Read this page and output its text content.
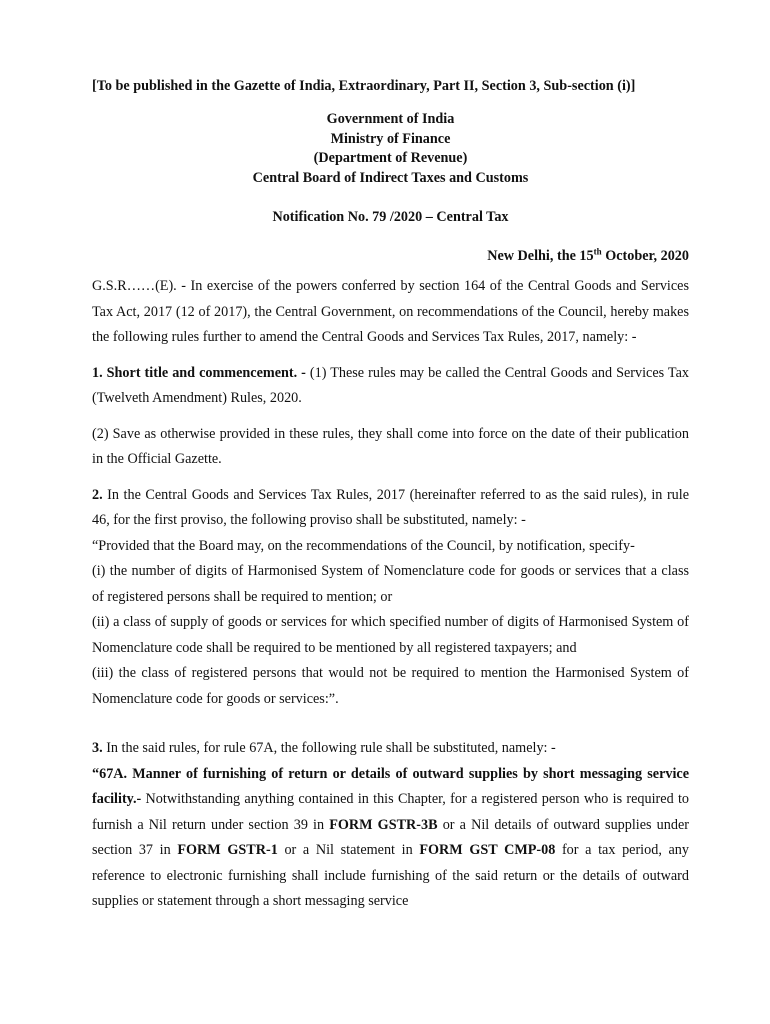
[To be published in the Gazette of India, Extraordinary, Part II, Section 3, Sub-section (i)]

Government of India
Ministry of Finance
(Department of Revenue)
Central Board of Indirect Taxes and Customs
Notification No. 79 /2020 – Central Tax
New Delhi, the 15th October, 2020

G.S.R……(E). - In exercise of the powers conferred by section 164 of the Central Goods and Services Tax Act, 2017 (12 of 2017), the Central Government, on recommendations of the Council, hereby makes the following rules further to amend the Central Goods and Services Tax Rules, 2017, namely: -

1. Short title and commencement. - (1) These rules may be called the Central Goods and Services Tax (Twelveth Amendment) Rules, 2020.

(2) Save as otherwise provided in these rules, they shall come into force on the date of their publication in the Official Gazette.

2. In the Central Goods and Services Tax Rules, 2017 (hereinafter referred to as the said rules), in rule 46, for the first proviso, the following proviso shall be substituted, namely: -

“Provided that the Board may, on the recommendations of the Council, by notification, specify-

(i) the number of digits of Harmonised System of Nomenclature code for goods or services that a class of registered persons shall be required to mention; or

(ii) a class of supply of goods or services for which specified number of digits of Harmonised System of Nomenclature code shall be required to be mentioned by all registered taxpayers; and

(iii) the class of registered persons that would not be required to mention the Harmonised System of Nomenclature code for goods or services:”.

3. In the said rules, for rule 67A, the following rule shall be substituted, namely: -

“67A. Manner of furnishing of return or details of outward supplies by short messaging service facility.- Notwithstanding anything contained in this Chapter, for a registered person who is required to furnish a Nil return under section 39 in FORM GSTR-3B or a Nil details of outward supplies under section 37 in FORM GSTR-1 or a Nil statement in FORM GST CMP-08 for a tax period, any reference to electronic furnishing shall include furnishing of the said return or the details of outward supplies or statement through a short messaging service
